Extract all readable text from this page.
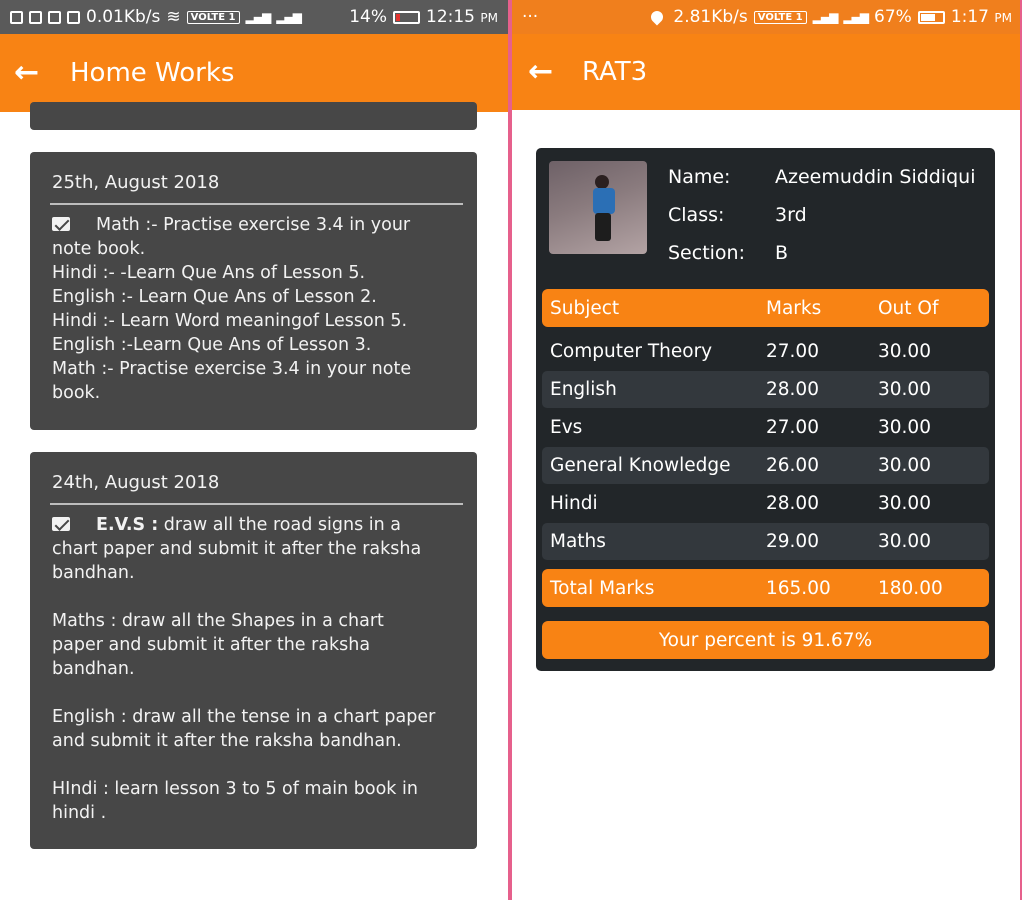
0.01Kb/s ≋	VOLTE 1 ▂▄▆ ▂▄▆	14% 12:15 PM
←	Home Works
25th, August 2018
Math :- Practise exercise 3.4 in your
note book.
Hindi :- -Learn Que Ans of Lesson 5.
English :- Learn Que Ans of Lesson 2.
Hindi :- Learn Word meaningof Lesson 5.
English :-Learn Que Ans of Lesson 3.
Math :- Practise exercise 3.4 in your note
book.
24th, August 2018
E.V.S : draw all the road signs in a
chart paper and submit it after the raksha
bandhan.
Maths : draw all the Shapes in a chart
paper and submit it after the raksha
bandhan.
English : draw all the tense in a chart paper
and submit it after the raksha bandhan.
HIndi : learn lesson 3 to 5 of main book in
hindi .
···	2.81Kb/s	VOLTE 1 ▂▄▆ ▂▄▆ 67% 1:17 PM
←	RAT3
Name:	Azeemuddin Siddiqui
Class:	3rd
Section:	B
Subject	Marks	Out Of
Computer Theory	27.00	30.00
English	28.00	30.00
Evs	27.00	30.00
General Knowledge	26.00	30.00
Hindi	28.00	30.00
Maths	29.00	30.00
Total Marks	165.00	180.00
Your percent is 91.67%
